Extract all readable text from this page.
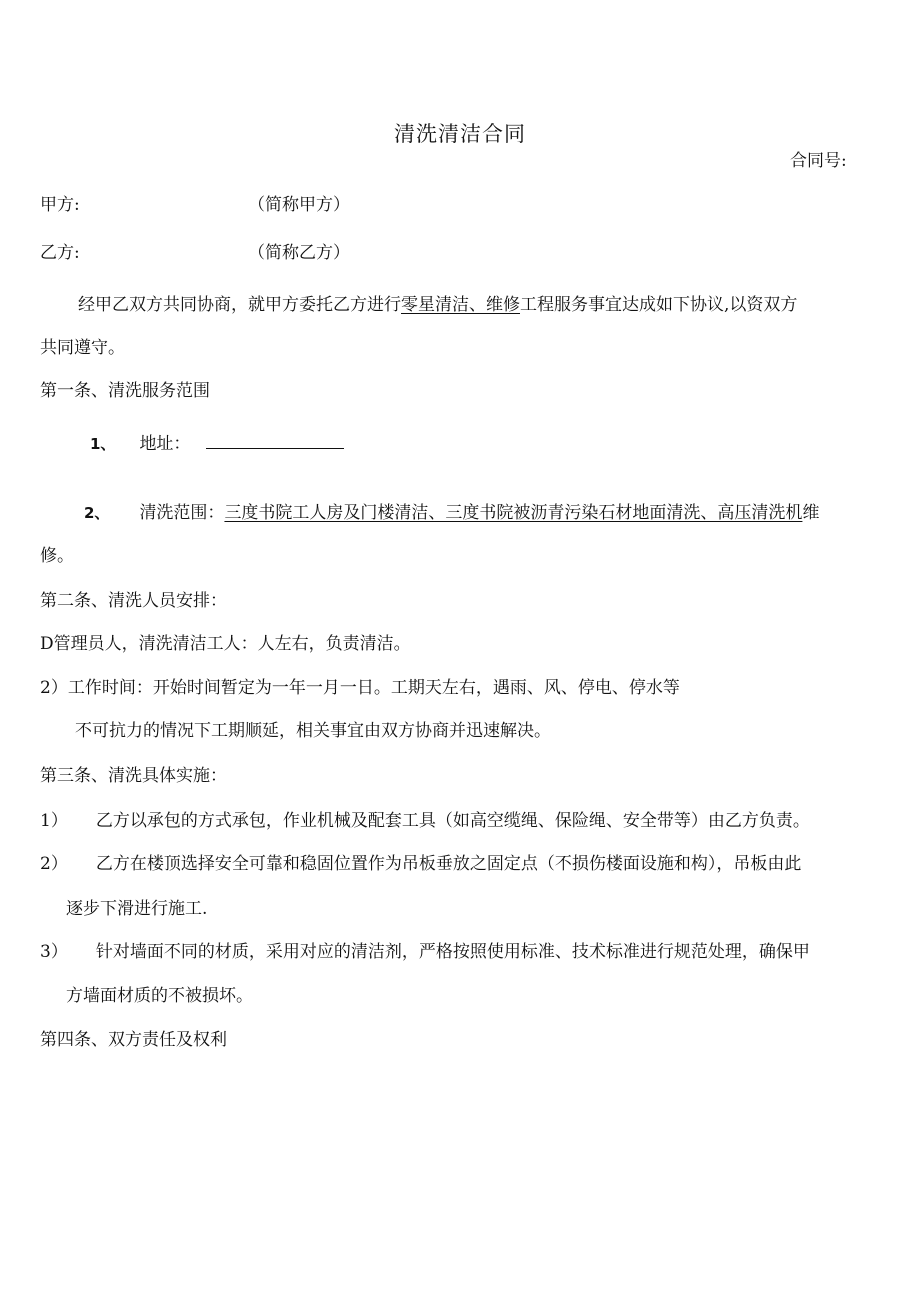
清洗清洁合同
合同号:
甲方:	（简称甲方）
乙方:	（简称乙方）
经甲乙双方共同协商，就甲方委托乙方进行零星清洁、维修工程服务事宜达成如下协议,以资双方
共同遵守。
第一条、清洗服务范围
1、 地址：
2、 清洗范围：三度书院工人房及门楼清洁、三度书院被沥青污染石材地面清洗、高压清洗机维
修。
第二条、清洗人员安排：
D管理员人，清洗清洁工人：人左右，负责清洁。
2）工作时间：开始时间暂定为一年一月一日。工期天左右，遇雨、风、停电、停水等
不可抗力的情况下工期顺延，相关事宜由双方协商并迅速解决。
第三条、清洗具体实施：
1） 乙方以承包的方式承包，作业机械及配套工具（如高空缆绳、保险绳、安全带等）由乙方负责。
2） 乙方在楼顶选择安全可靠和稳固位置作为吊板垂放之固定点（不损伤楼面设施和构），吊板由此
逐步下滑进行施工.
3） 针对墙面不同的材质，采用对应的清洁剂，严格按照使用标准、技术标准进行规范处理，确保甲
方墙面材质的不被损坏。
第四条、双方责任及权利
